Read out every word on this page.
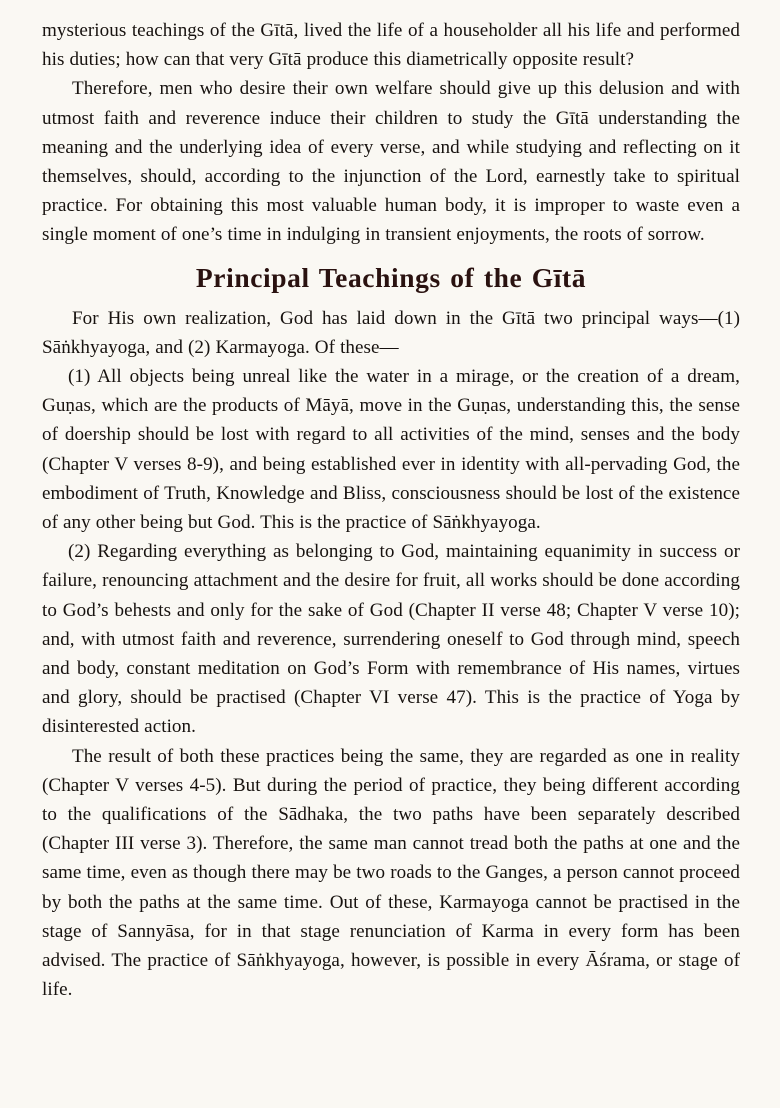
mysterious teachings of the Gītā, lived the life of a householder all his life and performed his duties; how can that very Gītā produce this diametrically opposite result?

Therefore, men who desire their own welfare should give up this delusion and with utmost faith and reverence induce their children to study the Gītā understanding the meaning and the underlying idea of every verse, and while studying and reflecting on it themselves, should, according to the injunction of the Lord, earnestly take to spiritual practice. For obtaining this most valuable human body, it is improper to waste even a single moment of one’s time in indulging in transient enjoyments, the roots of sorrow.

Principal Teachings of the Gītā

For His own realization, God has laid down in the Gītā two principal ways—(1) Sāṅkhyayoga, and (2) Karmayoga. Of these—

(1) All objects being unreal like the water in a mirage, or the creation of a dream, Guṇas, which are the products of Māyā, move in the Guṇas, understanding this, the sense of doership should be lost with regard to all activities of the mind, senses and the body (Chapter V verses 8-9), and being established ever in identity with all-pervading God, the embodiment of Truth, Knowledge and Bliss, consciousness should be lost of the existence of any other being but God. This is the practice of Sāṅkhyayoga.

(2) Regarding everything as belonging to God, maintaining equanimity in success or failure, renouncing attachment and the desire for fruit, all works should be done according to God’s behests and only for the sake of God (Chapter II verse 48; Chapter V verse 10); and, with utmost faith and reverence, surrendering oneself to God through mind, speech and body, constant meditation on God’s Form with remembrance of His names, virtues and glory, should be practised (Chapter VI verse 47). This is the practice of Yoga by disinterested action.

The result of both these practices being the same, they are regarded as one in reality (Chapter V verses 4-5). But during the period of practice, they being different according to the qualifications of the Sādhaka, the two paths have been separately described (Chapter III verse 3). Therefore, the same man cannot tread both the paths at one and the same time, even as though there may be two roads to the Ganges, a person cannot proceed by both the paths at the same time. Out of these, Karmayoga cannot be practised in the stage of Sannyāsa, for in that stage renunciation of Karma in every form has been advised. The practice of Sāṅkhyayoga, however, is possible in every Āśrama, or stage of life.
